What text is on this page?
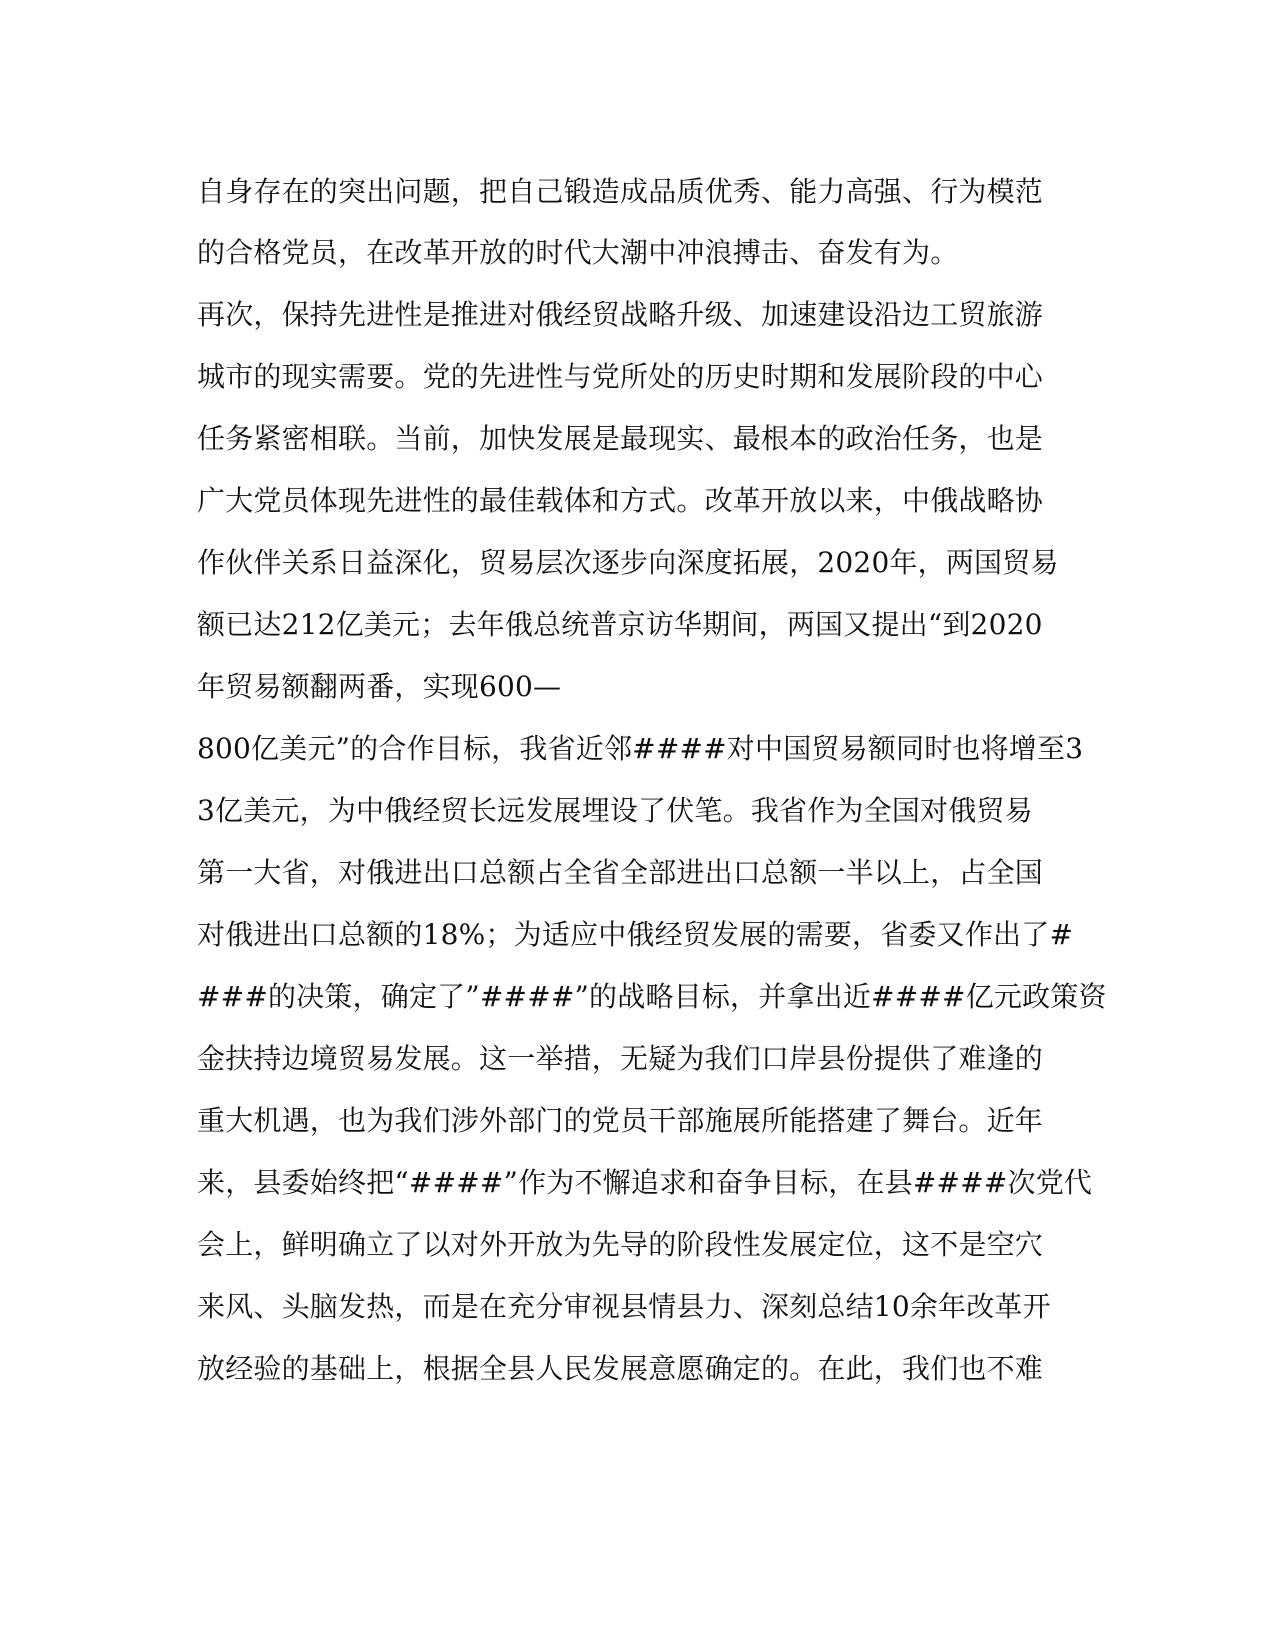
自身存在的突出问题，把自己锻造成品质优秀、能力高强、行为模范
的合格党员，在改革开放的时代大潮中冲浪搏击、奋发有为。
再次，保持先进性是推进对俄经贸战略升级、加速建设沿边工贸旅游
城市的现实需要。党的先进性与党所处的历史时期和发展阶段的中心
任务紧密相联。当前，加快发展是最现实、最根本的政治任务，也是
广大党员体现先进性的最佳载体和方式。改革开放以来，中俄战略协
作伙伴关系日益深化，贸易层次逐步向深度拓展，2020年，两国贸易
额已达212亿美元；去年俄总统普京访华期间，两国又提出“到2020
年贸易额翻两番，实现600—
800亿美元”的合作目标，我省近邻####对中国贸易额同时也将增至3
3亿美元，为中俄经贸长远发展埋设了伏笔。我省作为全国对俄贸易
第一大省，对俄进出口总额占全省全部进出口总额一半以上，占全国
对俄进出口总额的18%；为适应中俄经贸发展的需要，省委又作出了#
###的决策，确定了”####”的战略目标，并拿出近####亿元政策资
金扶持边境贸易发展。这一举措，无疑为我们口岸县份提供了难逢的
重大机遇，也为我们涉外部门的党员干部施展所能搭建了舞台。近年
来，县委始终把“####”作为不懈追求和奋争目标，在县####次党代
会上，鲜明确立了以对外开放为先导的阶段性发展定位，这不是空穴
来风、头脑发热，而是在充分审视县情县力、深刻总结10余年改革开
放经验的基础上，根据全县人民发展意愿确定的。在此，我们也不难
